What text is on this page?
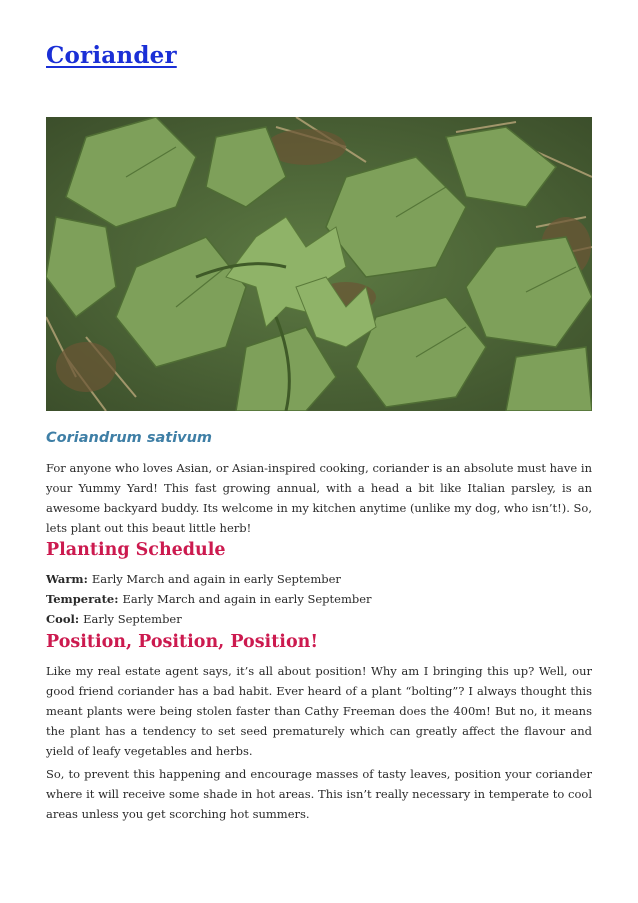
Coriander
Coriandrum sativum

For anyone who loves Asian, or Asian-inspired cooking, coriander is an absolute must have in your Yummy Yard! This fast growing annual, with a head a bit like Italian parsley, is an awesome backyard buddy. Its welcome in my kitchen anytime (unlike my dog, who isn’t!). So, lets plant out this beaut little herb!

Planting Schedule

Warm: Early March and again in early September

Temperate: Early March and again in early September

Cool: Early September

Position, Position, Position!

Like my real estate agent says, it’s all about position! Why am I bringing this up? Well, our good friend coriander has a bad habit. Ever heard of a plant “bolting”? I always thought this meant plants were being stolen faster than Cathy Freeman does the 400m! But no, it means the plant has a tendency to set seed prematurely which can greatly affect the flavour and yield of leafy vegetables and herbs.

So, to prevent this happening and encourage masses of tasty leaves, position your coriander where it will receive some shade in hot areas. This isn’t really necessary in temperate to cool areas unless you get scorching hot summers.
